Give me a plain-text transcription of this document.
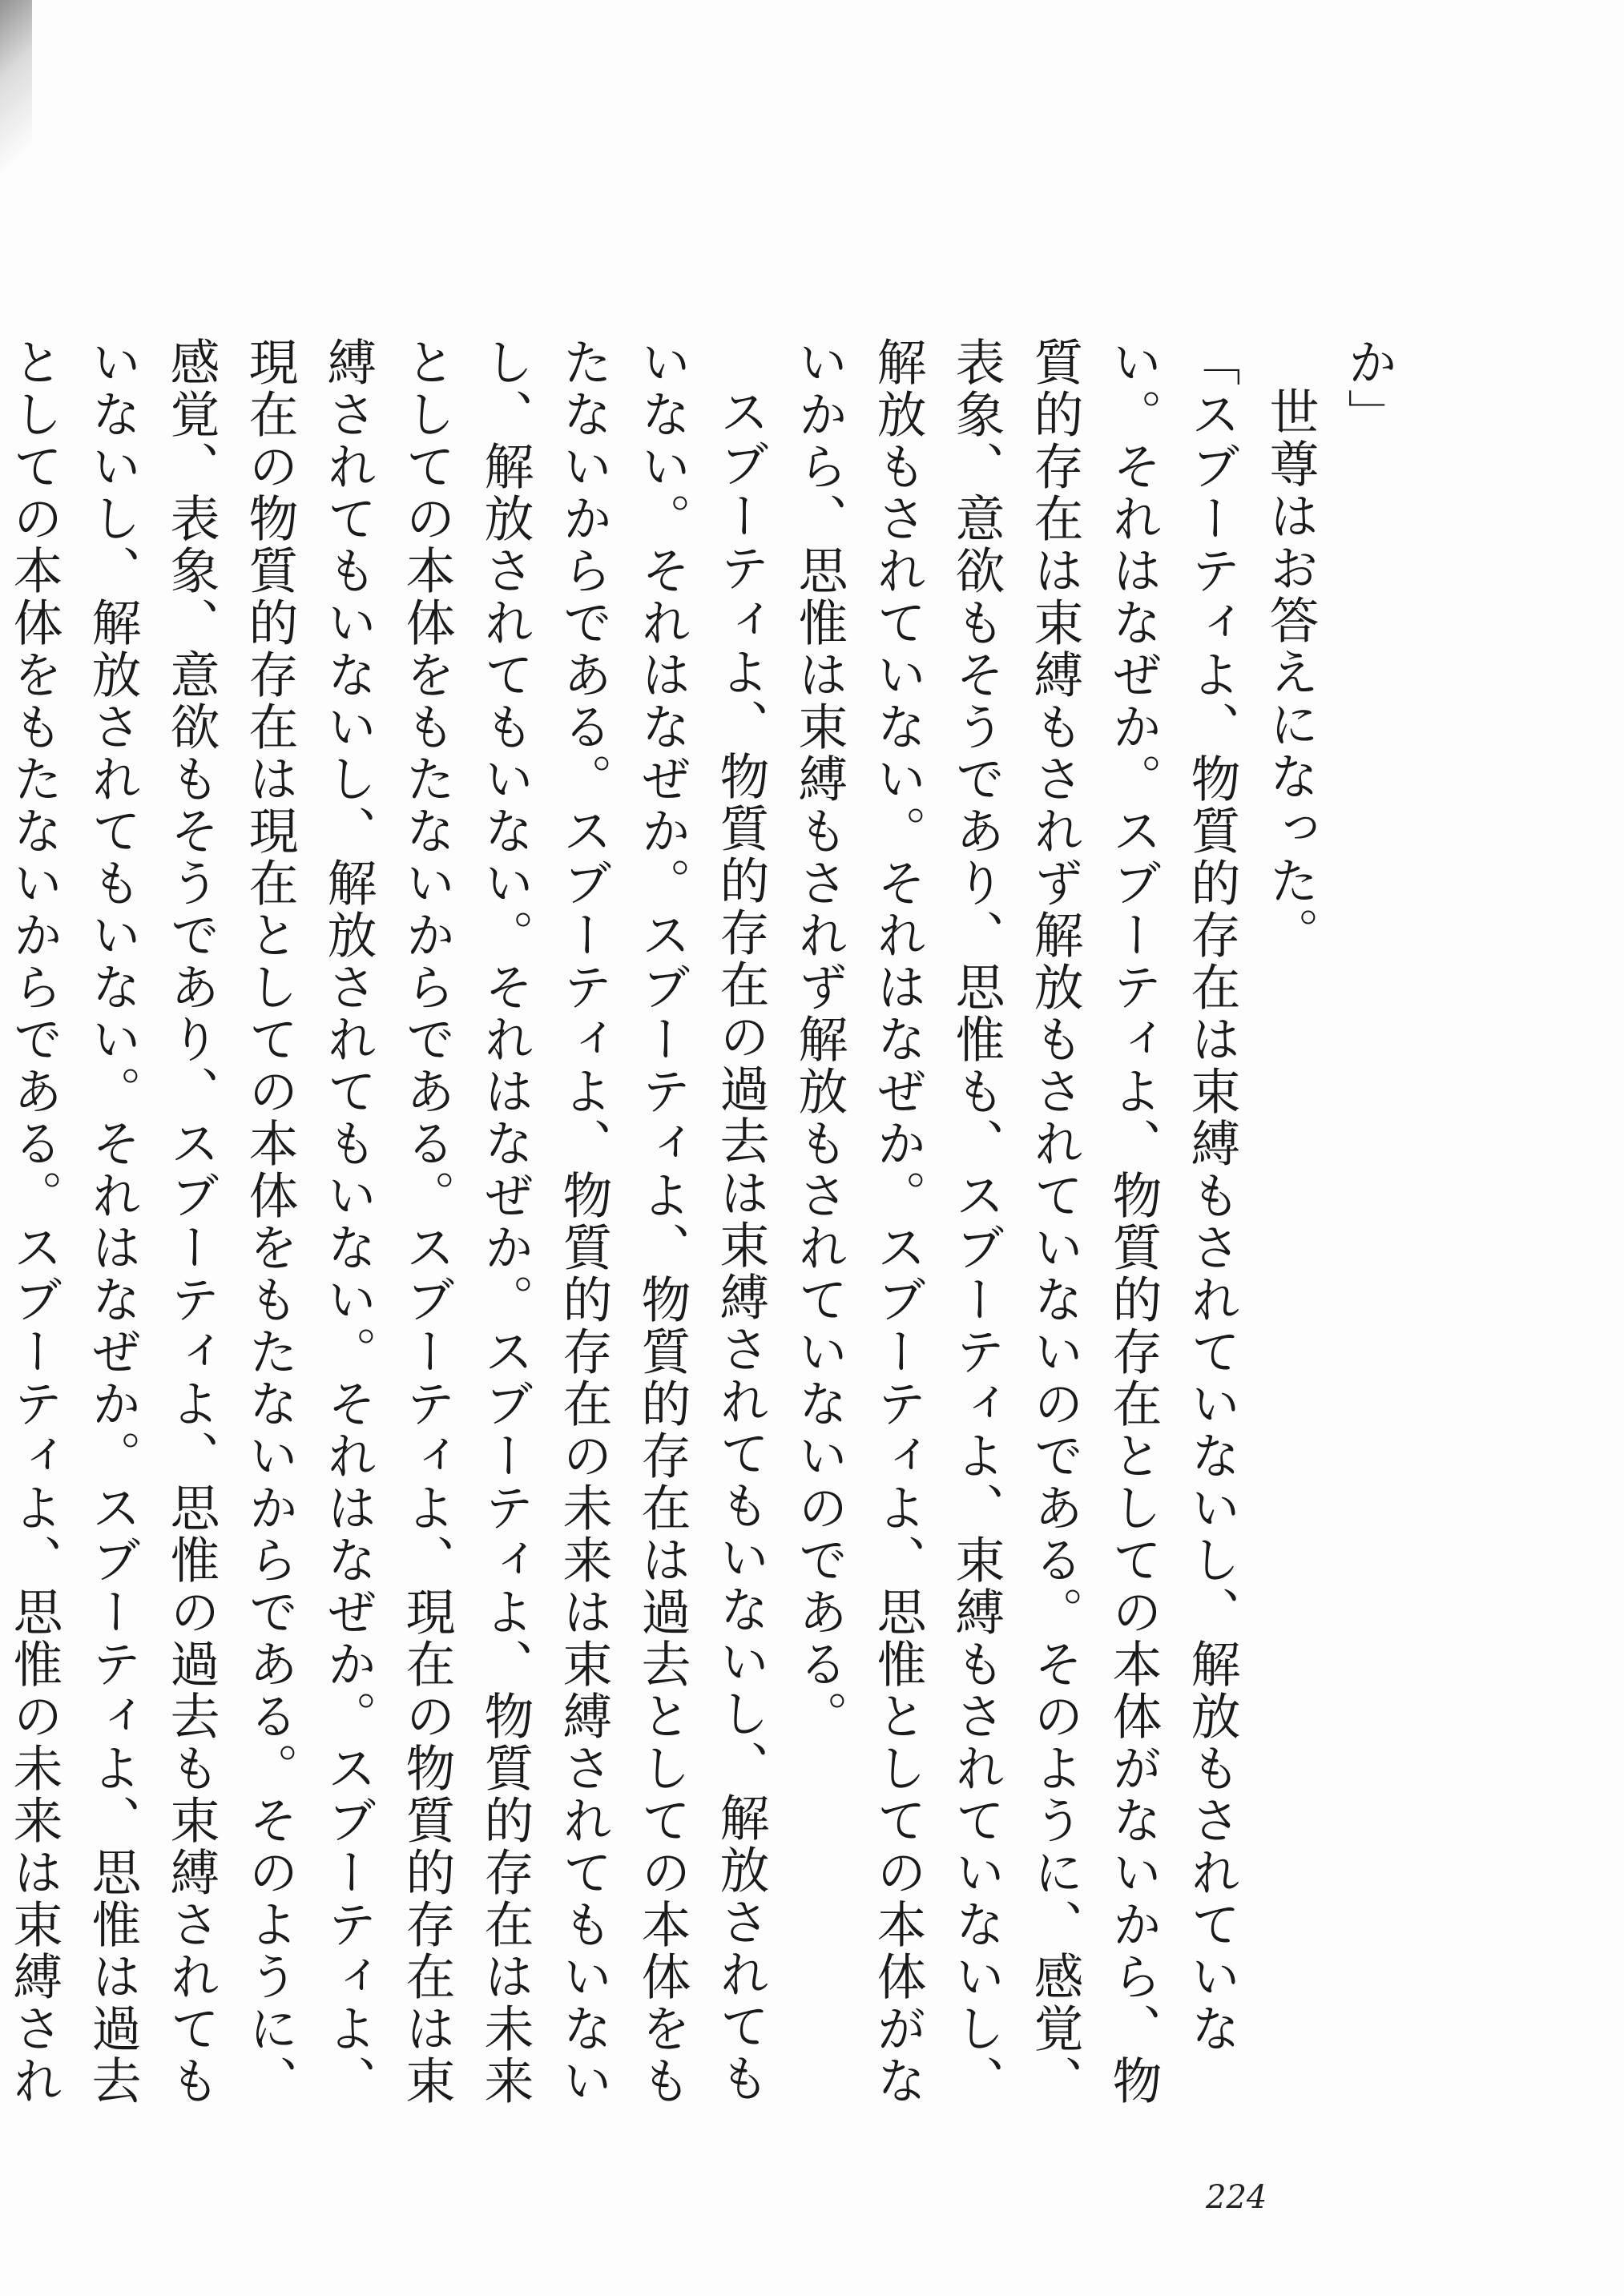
か」

世尊はお答えになった。

「スブーティよ、物質的存在は束縛もされていないし、解放もされていない。それはなぜか。スブーティよ、物質的存在としての本体がないから、物質的存在は束縛もされず解放もされていないのである。そのように、感覚、表象、意欲もそうであり、思惟も、スブーティよ、束縛もされていないし、解放もされていない。それはなぜか。スブーティよ、思惟としての本体がないから、思惟は束縛もされず解放もされていないのである。

スブーティよ、物質的存在の過去は束縛されてもいないし、解放されてもいない。それはなぜか。スブーティよ、物質的存在は過去としての本体をもたないからである。スブーティよ、物質的存在の未来は束縛されてもいないし、解放されてもいない。それはなぜか。スブーティよ、物質的存在は未来としての本体をもたないからである。スブーティよ、現在の物質的存在は束縛されてもいないし、解放されてもいない。それはなぜか。スブーティよ、現在の物質的存在は現在としての本体をもたないからである。そのように、感覚、表象、意欲もそうであり、スブーティよ、思惟の過去も束縛されてもいないし、解放されてもいない。それはなぜか。スブーティよ、思惟は過去としての本体をもたないからである。スブーティよ、思惟の未来は束縛され

224
